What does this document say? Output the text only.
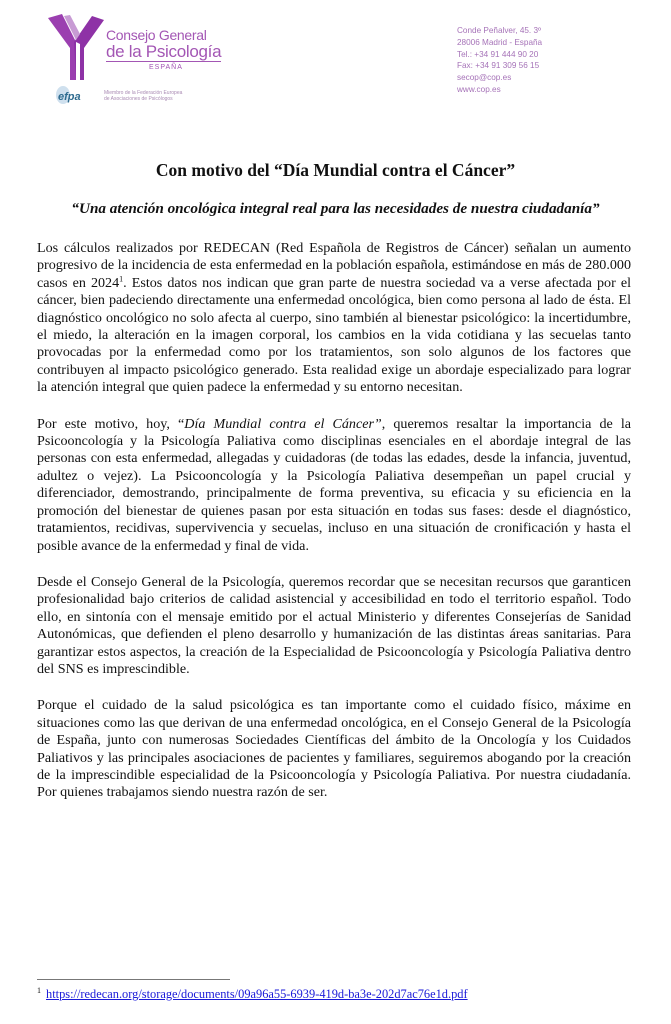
Consejo General
de la Psicología
ESPAÑA
efpa	Miembro de la Federación Europea
de Asociaciones de Psicólogos
Conde Peñalver, 45. 3º
28006 Madrid - España
Tel.: +34 91 444 90 20
Fax: +34 91 309 56 15
secop@cop.es
www.cop.es
Con motivo del “Día Mundial contra el Cáncer”
“Una atención oncológica integral real para las necesidades de nuestra ciudadanía”

Los cálculos realizados por REDECAN (Red Española de Registros de Cáncer) señalan un aumento progresivo de la incidencia de esta enfermedad en la población española, estimándose en más de 280.000 casos en 2024$^1$. Estos datos nos indican que gran parte de nuestra sociedad va a verse afectada por el cáncer, bien padeciendo directamente una enfermedad oncológica, bien como persona al lado de ésta. El diagnóstico oncológico no solo afecta al cuerpo, sino también al bienestar psicológico: la incertidumbre, el miedo, la alteración en la imagen corporal, los cambios en la vida cotidiana y las secuelas tanto provocadas por la enfermedad como por los tratamientos, son solo algunos de los factores que contribuyen al impacto psicológico generado. Esta realidad exige un abordaje especializado para lograr la atención integral que quien padece la enfermedad y su entorno necesitan.

Por este motivo, hoy, “Día Mundial contra el Cáncer”, queremos resaltar la importancia de la Psicooncología y la Psicología Paliativa como disciplinas esenciales en el abordaje integral de las personas con esta enfermedad, allegadas y cuidadoras (de todas las edades, desde la infancia, juventud, adultez o vejez). La Psicooncología y la Psicología Paliativa desempeñan un papel crucial y diferenciador, demostrando, principalmente de forma preventiva, su eficacia y su eficiencia en la promoción del bienestar de quienes pasan por esta situación en todas sus fases: desde el diagnóstico, tratamientos, recidivas, supervivencia y secuelas, incluso en una situación de cronificación y hasta el posible avance de la enfermedad y final de vida.

Desde el Consejo General de la Psicología, queremos recordar que se necesitan recursos que garanticen profesionalidad bajo criterios de calidad asistencial y accesibilidad en todo el territorio español. Todo ello, en sintonía con el mensaje emitido por el actual Ministerio y diferentes Consejerías de Sanidad Autonómicas, que defienden el pleno desarrollo y humanización de las distintas áreas sanitarias. Para garantizar estos aspectos, la creación de la Especialidad de Psicooncología y Psicología Paliativa dentro del SNS es imprescindible.

Porque el cuidado de la salud psicológica es tan importante como el cuidado físico, máxime en situaciones como las que derivan de una enfermedad oncológica, en el Consejo General de la Psicología de España, junto con numerosas Sociedades Científicas del ámbito de la Oncología y los Cuidados Paliativos y las principales asociaciones de pacientes y familiares, seguiremos abogando por la creación de la imprescindible especialidad de la Psicooncología y Psicología Paliativa. Por nuestra ciudadanía. Por quienes trabajamos siendo nuestra razón de ser.

$^1$ https://redecan.org/storage/documents/09a96a55-6939-419d-ba3e-202d7ac76e1d.pdf
